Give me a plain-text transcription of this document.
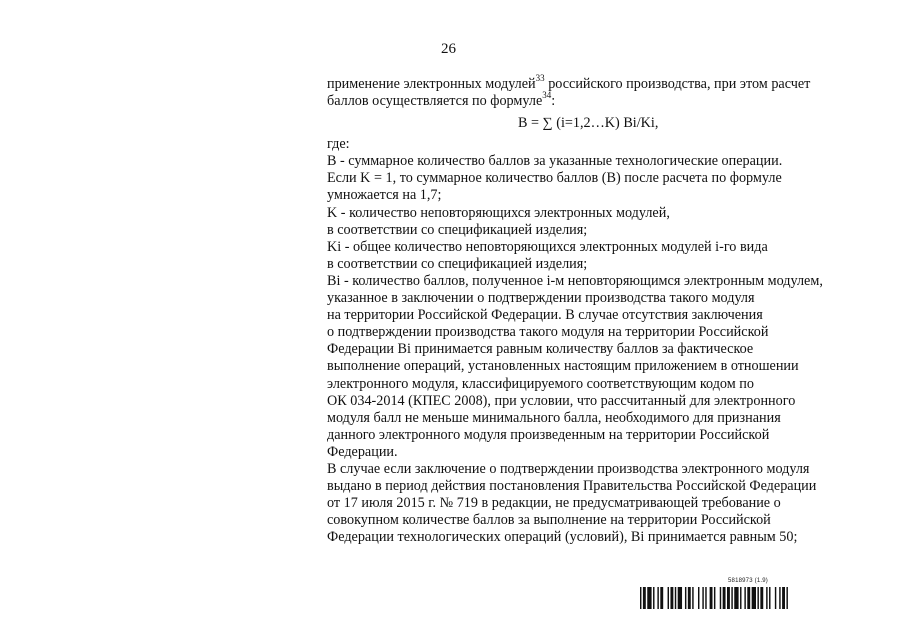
26
применение электронных модулей$^{33}$ российского производства, при этом расчет
баллов осуществляется по формуле$^{34}$:
B = ∑ (i=1,2…K) Bi/Ki,
где:
B - суммарное количество баллов за указанные технологические операции.
Если K = 1, то суммарное количество баллов (B) после расчета по формуле
умножается на 1,7;
K - количество неповторяющихся электронных модулей,
в соответствии со спецификацией изделия;
Ki - общее количество неповторяющихся электронных модулей i-го вида
в соответствии со спецификацией изделия;
Bi - количество баллов, полученное i-м неповторяющимся электронным модулем,
указанное в заключении о подтверждении производства такого модуля
на территории Российской Федерации. В случае отсутствия заключения
о подтверждении производства такого модуля на территории Российской
Федерации Bi принимается равным количеству баллов за фактическое
выполнение операций, установленных настоящим приложением в отношении
электронного модуля, классифицируемого соответствующим кодом по
ОК 034-2014 (КПЕС 2008), при условии, что рассчитанный для электронного
модуля балл не меньше минимального балла, необходимого для признания
данного электронного модуля произведенным на территории Российской
Федерации.
В случае если заключение о подтверждении производства электронного модуля
выдано в период действия постановления Правительства Российской Федерации
от 17 июля 2015 г. № 719 в редакции, не предусматривающей требование о
совокупном количестве баллов за выполнение на территории Российской
Федерации технологических операций (условий), Bi принимается равным 50;
5818973 (1.9)
